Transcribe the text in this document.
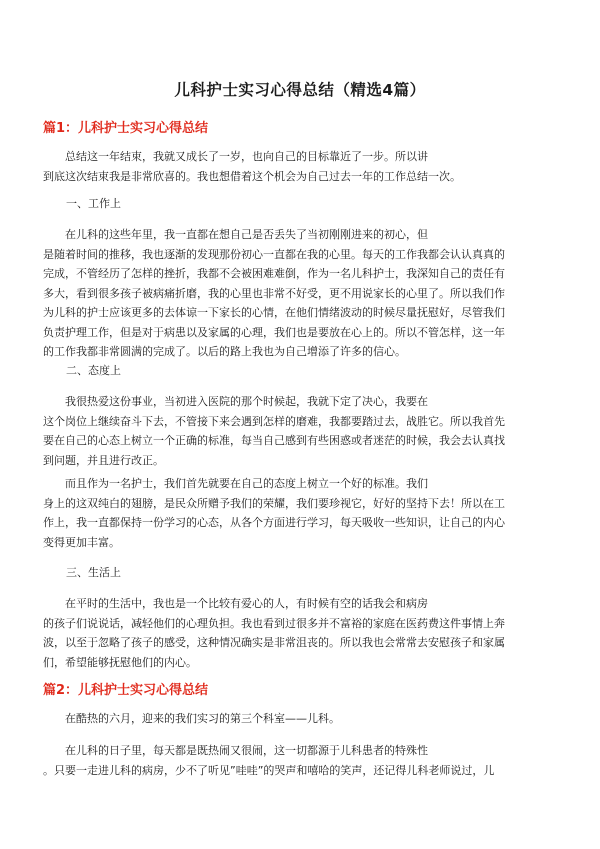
儿科护士实习心得总结（精选4篇）
篇1：儿科护士实习心得总结

　　总结这一年结束，我就又成长了一岁，也向自己的目标靠近了一步。所以讲

到底这次结束我是非常欣喜的。我也想借着这个机会为自己过去一年的工作总结一次。

一、工作上

　　在儿科的这些年里，我一直都在想自己是否丢失了当初刚刚进来的初心，但

是随着时间的推移，我也逐渐的发现那份初心一直都在我的心里。每天的工作我都会认认真真的

完成，不管经历了怎样的挫折，我都不会被困难难倒，作为一名儿科护士，我深知自己的责任有

多大，看到很多孩子被病痛折磨，我的心里也非常不好受，更不用说家长的心里了。所以我们作

为儿科的护士应该更多的去体谅一下家长的心情，在他们情绪波动的时候尽量抚慰好，尽管我们

负责护理工作，但是对于病患以及家属的心理，我们也是要放在心上的。所以不管怎样，这一年

的工作我都非常圆满的完成了。以后的路上我也为自己增添了许多的信心。

二、态度上

　　我很热爱这份事业，当初进入医院的那个时候起，我就下定了决心，我要在

这个岗位上继续奋斗下去，不管接下来会遇到怎样的磨难，我都要踏过去，战胜它。所以我首先

要在自己的心态上树立一个正确的标准，每当自己感到有些困惑或者迷茫的时候，我会去认真找

到问题，并且进行改正。

　　而且作为一名护士，我们首先就要在自己的态度上树立一个好的标准。我们

身上的这双纯白的翅膀，是民众所赠予我们的荣耀，我们要珍视它，好好的坚持下去！所以在工

作上，我一直都保持一份学习的心态，从各个方面进行学习，每天吸收一些知识，让自己的内心

变得更加丰富。

三、生活上

　　在平时的生活中，我也是一个比较有爱心的人，有时候有空的话我会和病房

的孩子们说说话，减轻他们的心理负担。我也看到过很多并不富裕的家庭在医药费这件事情上奔

波，以至于忽略了孩子的感受，这种情况确实是非常沮丧的。所以我也会常常去安慰孩子和家属

们，希望能够抚慰他们的内心。

篇2：儿科护士实习心得总结

　　在酷热的六月，迎来的我们实习的第三个科室——儿科。

　　在儿科的日子里，每天都是既热闹又很闹，这一切都源于儿科患者的特殊性

。只要一走进儿科的病房，少不了听见”哇哇”的哭声和嘻哈的笑声，还记得儿科老师说过，儿
